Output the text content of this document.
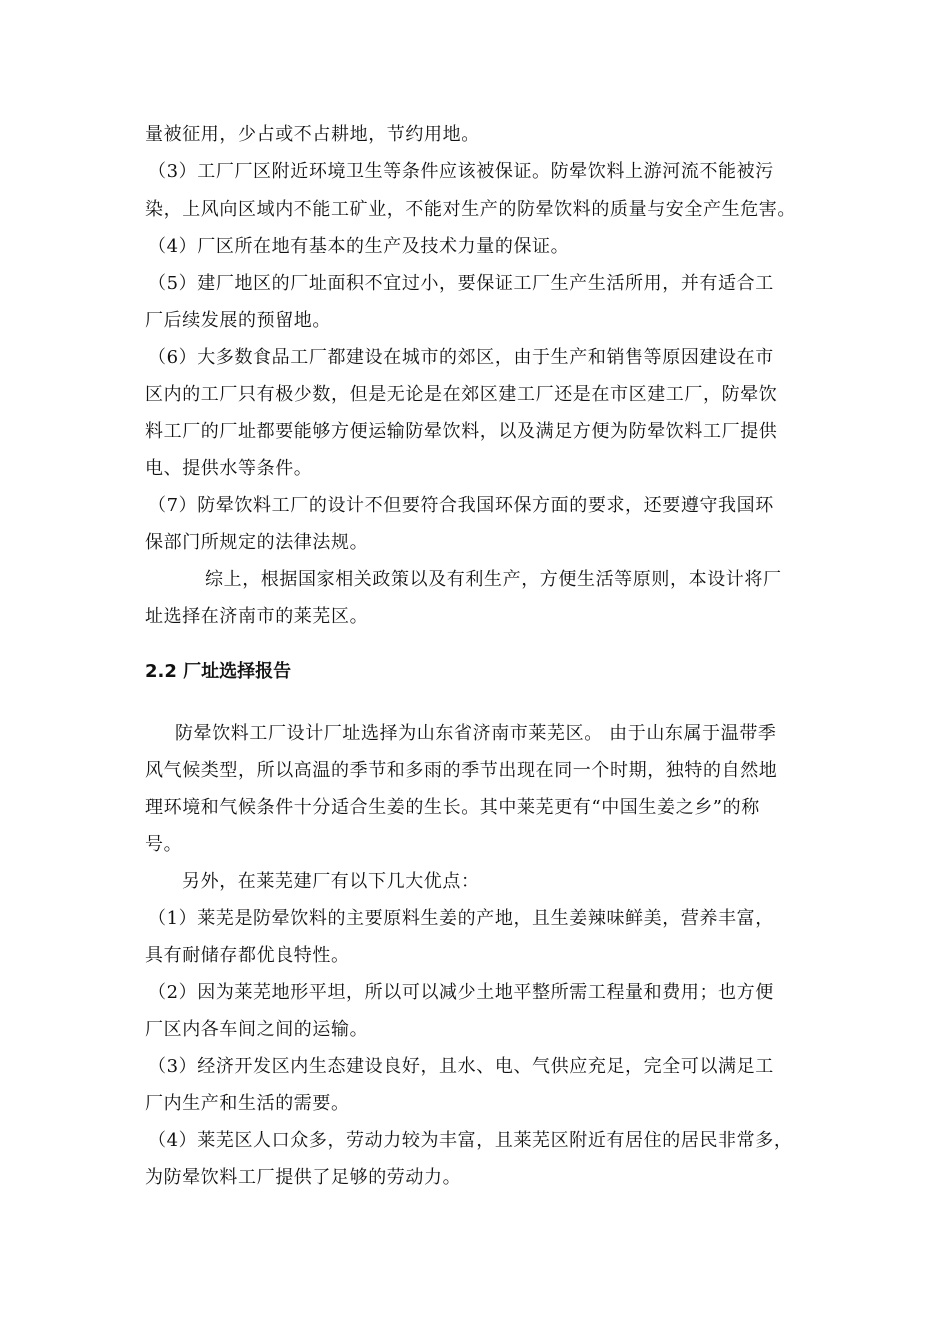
量被征用，少占或不占耕地，节约用地。
（3）工厂厂区附近环境卫生等条件应该被保证。防晕饮料上游河流不能被污
染，上风向区域内不能工矿业，不能对生产的防晕饮料的质量与安全产生危害。
（4）厂区所在地有基本的生产及技术力量的保证。
（5）建厂地区的厂址面积不宜过小，要保证工厂生产生活所用，并有适合工
厂后续发展的预留地。
（6）大多数食品工厂都建设在城市的郊区，由于生产和销售等原因建设在市
区内的工厂只有极少数，但是无论是在郊区建工厂还是在市区建工厂，防晕饮
料工厂的厂址都要能够方便运输防晕饮料，以及满足方便为防晕饮料工厂提供
电、提供水等条件。
（7）防晕饮料工厂的设计不但要符合我国环保方面的要求，还要遵守我国环
保部门所规定的法律法规。
综上，根据国家相关政策以及有利生产，方便生活等原则，本设计将厂
址选择在济南市的莱芜区。
2.2 厂址选择报告
防晕饮料工厂设计厂址选择为山东省济南市莱芜区。 由于山东属于温带季
风气候类型，所以高温的季节和多雨的季节出现在同一个时期，独特的自然地
理环境和气候条件十分适合生姜的生长。其中莱芜更有“中国生姜之乡”的称
号。
另外，在莱芜建厂有以下几大优点：
（1）莱芜是防晕饮料的主要原料生姜的产地，且生姜辣味鲜美，营养丰富，
具有耐储存都优良特性。
（2）因为莱芜地形平坦，所以可以减少土地平整所需工程量和费用；也方便
厂区内各车间之间的运输。
（3）经济开发区内生态建设良好，且水、电、气供应充足，完全可以满足工
厂内生产和生活的需要。
（4）莱芜区人口众多，劳动力较为丰富，且莱芜区附近有居住的居民非常多，
为防晕饮料工厂提供了足够的劳动力。
